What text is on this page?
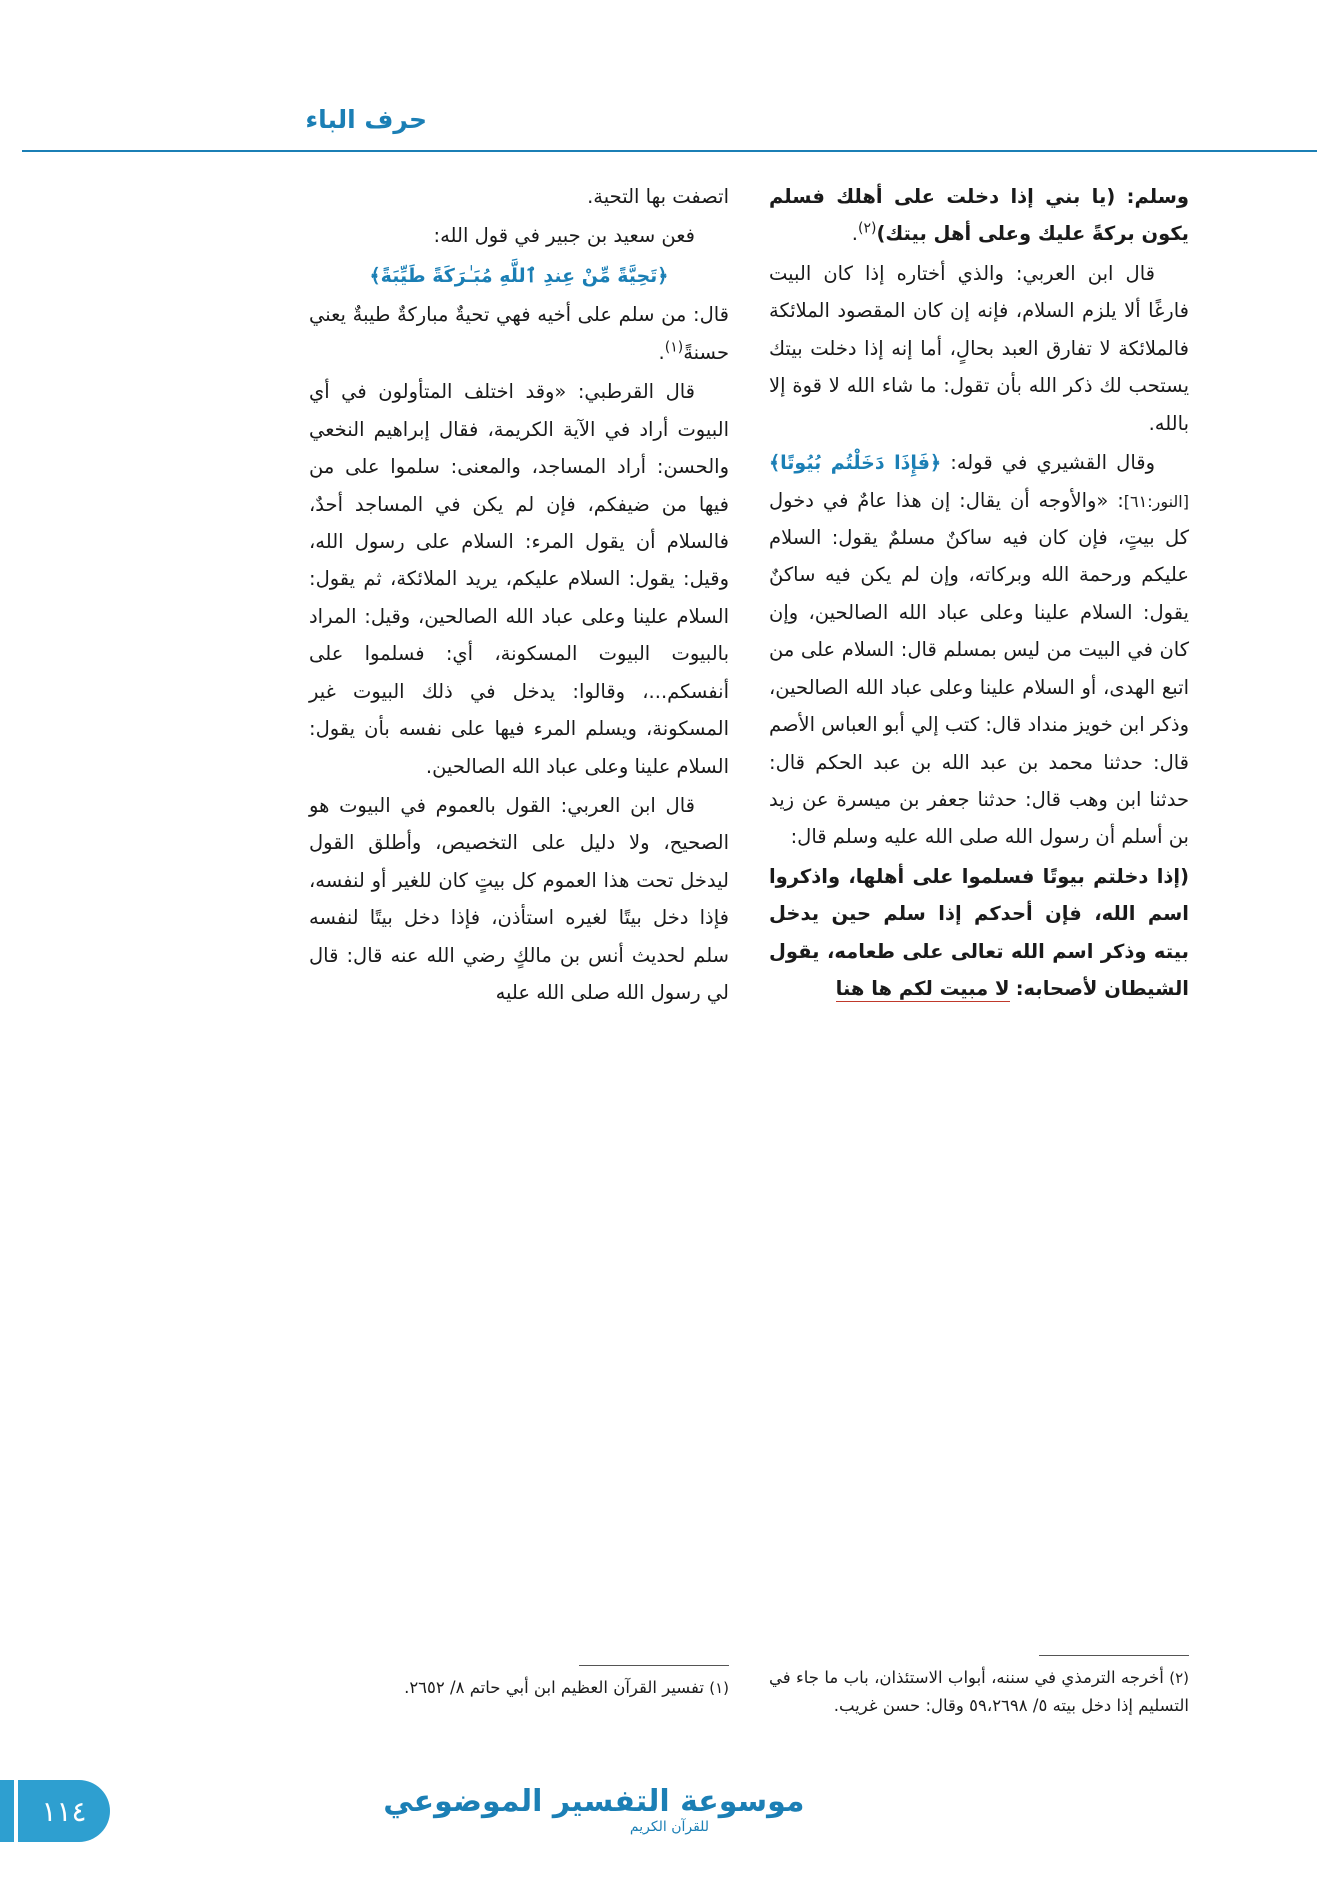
حرف الباء

اتصفت بها التحية.

فعن سعيد بن جبير في قول الله:

﴿تَحِيَّةً مِّنْ عِندِ ٱللَّهِ مُبَـٰرَكَةً طَيِّبَةً﴾

قال: من سلم على أخيه فهي تحيةٌ مباركةٌ طيبةٌ يعني حسنةً$^{(١)}$.

قال القرطبي: «وقد اختلف المتأولون في أي البيوت أراد في الآية الكريمة، فقال إبراهيم النخعي والحسن: أراد المساجد، والمعنى: سلموا على من فيها من ضيفكم، فإن لم يكن في المساجد أحدٌ، فالسلام أن يقول المرء: السلام على رسول الله، وقيل: يقول: السلام عليكم، يريد الملائكة، ثم يقول: السلام علينا وعلى عباد الله الصالحين، وقيل: المراد بالبيوت البيوت المسكونة، أي: فسلموا على أنفسكم...، وقالوا: يدخل في ذلك البيوت غير المسكونة، ويسلم المرء فيها على نفسه بأن يقول: السلام علينا وعلى عباد الله الصالحين.

قال ابن العربي: القول بالعموم في البيوت هو الصحيح، ولا دليل على التخصيص، وأطلق القول ليدخل تحت هذا العموم كل بيتٍ كان للغير أو لنفسه، فإذا دخل بيتًا لغيره استأذن، فإذا دخل بيتًا لنفسه سلم لحديث أنس بن مالكٍ رضي الله عنه قال: قال لي رسول الله صلى الله عليه

وسلم: (يا بني إذا دخلت على أهلك فسلم يكون بركةً عليك وعلى أهل بيتك)$^{(٢)}$.

قال ابن العربي: والذي أختاره إذا كان البيت فارغًا ألا يلزم السلام، فإنه إن كان المقصود الملائكة فالملائكة لا تفارق العبد بحالٍ، أما إنه إذا دخلت بيتك يستحب لك ذكر الله بأن تقول: ما شاء الله لا قوة إلا بالله.

وقال القشيري في قوله: ﴿فَإِذَا دَخَلْتُم بُيُوتًا﴾ [النور:٦١]: «والأوجه أن يقال: إن هذا عامٌ في دخول كل بيتٍ، فإن كان فيه ساكنٌ مسلمٌ يقول: السلام عليكم ورحمة الله وبركاته، وإن لم يكن فيه ساكنٌ يقول: السلام علينا وعلى عباد الله الصالحين، وإن كان في البيت من ليس بمسلم قال: السلام على من اتبع الهدى، أو السلام علينا وعلى عباد الله الصالحين، وذكر ابن خويز منداد قال: كتب إلي أبو العباس الأصم قال: حدثنا محمد بن عبد الله بن عبد الحكم قال: حدثنا ابن وهب قال: حدثنا جعفر بن ميسرة عن زيد بن أسلم أن رسول الله صلى الله عليه وسلم قال:

(إذا دخلتم بيوتًا فسلموا على أهلها، واذكروا اسم الله، فإن أحدكم إذا سلم حين يدخل بيته وذكر اسم الله تعالى على طعامه، يقول الشيطان لأصحابه: لا مبيت لكم ها هنا

(١) تفسير القرآن العظيم ابن أبي حاتم ٨/ ٢٦٥٢.	(٢) أخرجه الترمذي في سننه، أبواب الاستئذان، باب ما جاء في التسليم إذا دخل بيته ٥/ ٥٩،٢٦٩٨ وقال: حسن غريب.
موسوعة التفسير الموضوعي
للقرآن الكريم
١١٤
